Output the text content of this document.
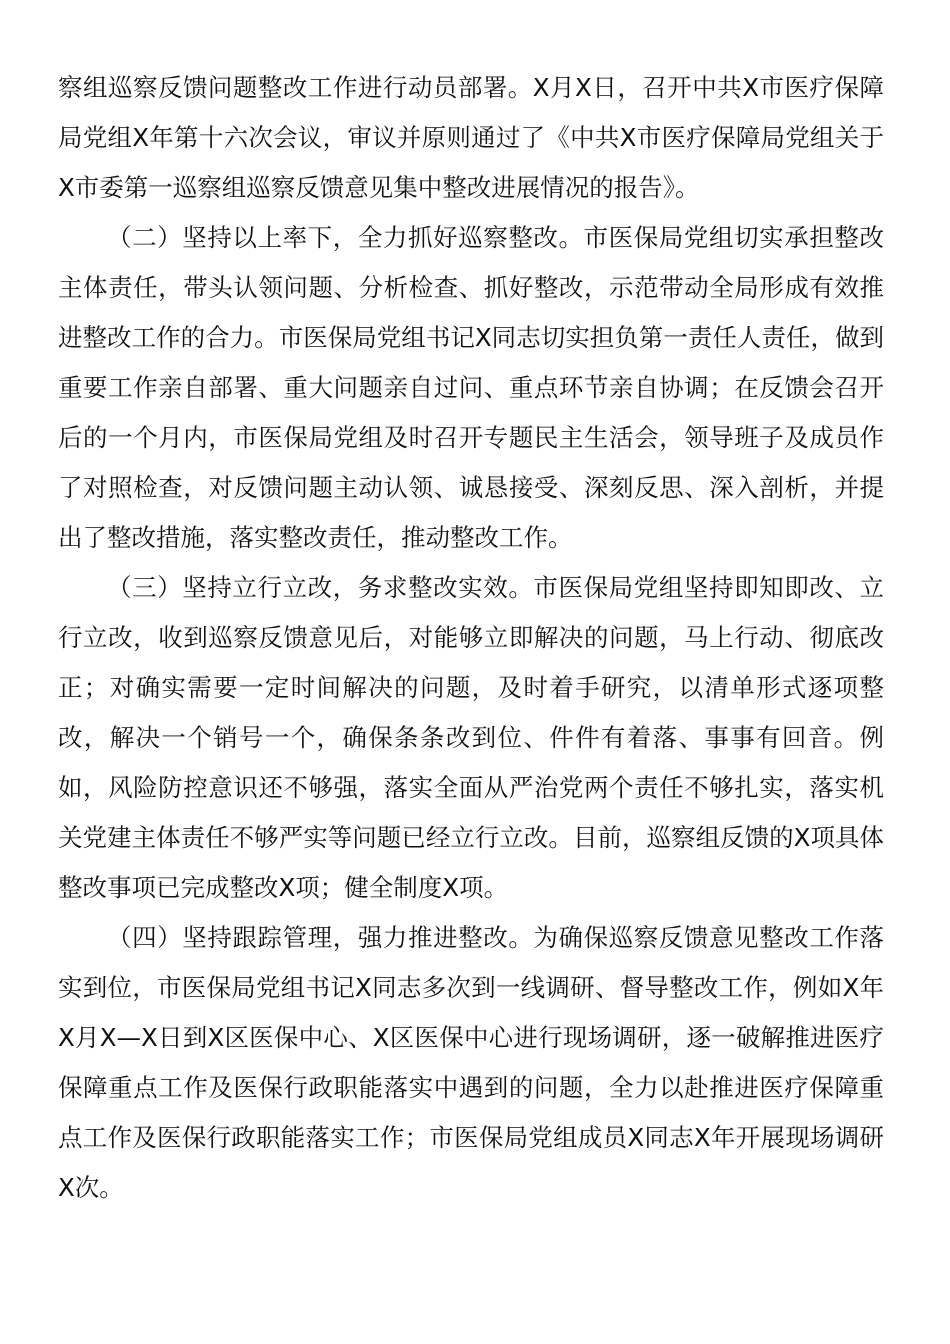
察组巡察反馈问题整改工作进行动员部署。X月X日，召开中共X市医疗保障局党组X年第十六次会议，审议并原则通过了《中共X市医疗保障局党组关于X市委第一巡察组巡察反馈意见集中整改进展情况的报告》。

（二）坚持以上率下，全力抓好巡察整改。市医保局党组切实承担整改主体责任，带头认领问题、分析检查、抓好整改，示范带动全局形成有效推进整改工作的合力。市医保局党组书记X同志切实担负第一责任人责任，做到重要工作亲自部署、重大问题亲自过问、重点环节亲自协调；在反馈会召开后的一个月内，市医保局党组及时召开专题民主生活会，领导班子及成员作了对照检查，对反馈问题主动认领、诚恳接受、深刻反思、深入剖析，并提出了整改措施，落实整改责任，推动整改工作。

（三）坚持立行立改，务求整改实效。市医保局党组坚持即知即改、立行立改，收到巡察反馈意见后，对能够立即解决的问题，马上行动、彻底改正；对确实需要一定时间解决的问题，及时着手研究，以清单形式逐项整改，解决一个销号一个，确保条条改到位、件件有着落、事事有回音。例如，风险防控意识还不够强，落实全面从严治党两个责任不够扎实，落实机关党建主体责任不够严实等问题已经立行立改。目前，巡察组反馈的X项具体整改事项已完成整改X项；健全制度X项。

（四）坚持跟踪管理，强力推进整改。为确保巡察反馈意见整改工作落实到位，市医保局党组书记X同志多次到一线调研、督导整改工作，例如X年X月X—X日到X区医保中心、X区医保中心进行现场调研，逐一破解推进医疗保障重点工作及医保行政职能落实中遇到的问题，全力以赴推进医疗保障重点工作及医保行政职能落实工作；市医保局党组成员X同志X年开展现场调研X次。
